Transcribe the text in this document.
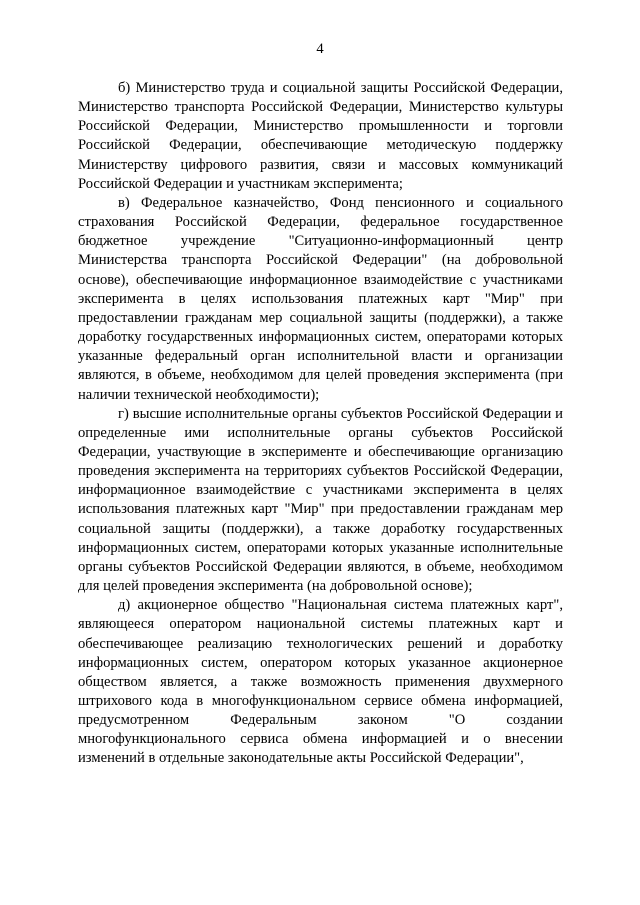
4

б) Министерство труда и социальной защиты Российской Федерации, Министерство транспорта Российской Федерации, Министерство культуры Российской Федерации, Министерство промышленности и торговли Российской Федерации, обеспечивающие методическую поддержку Министерству цифрового развития, связи и массовых коммуникаций Российской Федерации и участникам эксперимента;

в) Федеральное казначейство, Фонд пенсионного и социального страхования Российской Федерации, федеральное государственное бюджетное учреждение "Ситуационно-информационный центр Министерства транспорта Российской Федерации" (на добровольной основе), обеспечивающие информационное взаимодействие с участниками эксперимента в целях использования платежных карт "Мир" при предоставлении гражданам мер социальной защиты (поддержки), а также доработку государственных информационных систем, операторами которых указанные федеральный орган исполнительной власти и организации являются, в объеме, необходимом для целей проведения эксперимента (при наличии технической необходимости);

г) высшие исполнительные органы субъектов Российской Федерации и определенные ими исполнительные органы субъектов Российской Федерации, участвующие в эксперименте и обеспечивающие организацию проведения эксперимента на территориях субъектов Российской Федерации, информационное взаимодействие с участниками эксперимента в целях использования платежных карт "Мир" при предоставлении гражданам мер социальной защиты (поддержки), а также доработку государственных информационных систем, операторами которых указанные исполнительные органы субъектов Российской Федерации являются, в объеме, необходимом для целей проведения эксперимента (на добровольной основе);

д) акционерное общество "Национальная система платежных карт", являющееся оператором национальной системы платежных карт и обеспечивающее реализацию технологических решений и доработку информационных систем, оператором которых указанное акционерное обществом является, а также возможность применения двухмерного штрихового кода в многофункциональном сервисе обмена информацией, предусмотренном Федеральным законом "О создании многофункционального сервиса обмена информацией и о внесении изменений в отдельные законодательные акты Российской Федерации",
